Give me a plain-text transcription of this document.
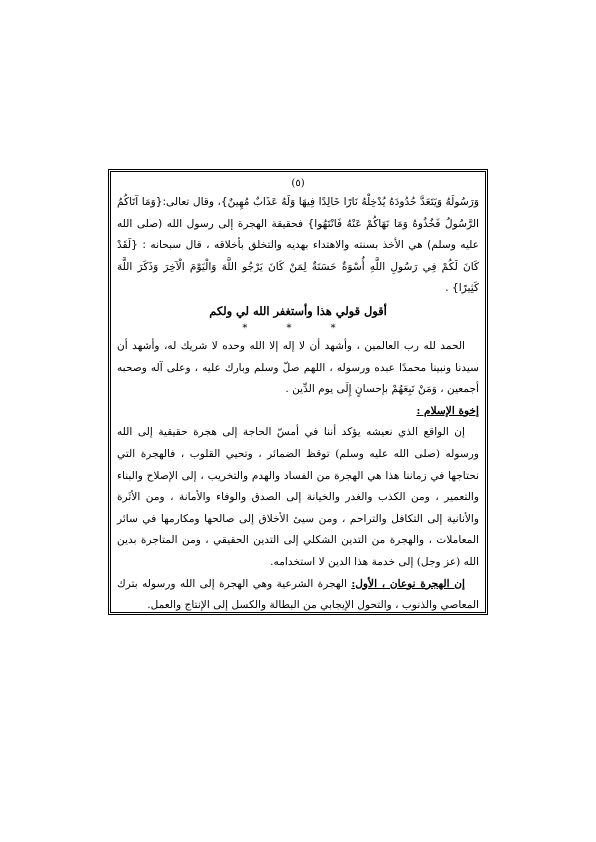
(٥)

وَرَسُولَهُ وَيَتَعَدَّ حُدُودَهُ يُدْخِلْهُ نَارًا خَالِدًا فِيهَا وَلَهُ عَذَابٌ مُهِينٌ}، وقال تعالى:{وَمَا آتَاكُمُ الرَّسُولُ فَخُذُوهُ وَمَا نَهَاكُمْ عَنْهُ فَانْتَهُوا} فحقيقة الهجرة إلى رسول الله (صلى الله عليه وسلم) هي الأخذ بسنته والاهتداء بهديه والتخلق بأخلاقه ، قال سبحانه : {لَقَدْ كَانَ لَكُمْ فِي رَسُولِ اللَّهِ أُسْوَةٌ حَسَنَةٌ لِمَنْ كَانَ يَرْجُو اللَّهَ وَالْيَوْمَ الْآخِرَ وَذَكَرَ اللَّهَ كَثِيرًا} .

أقول قولي هذا وأستغفر الله لي ولكم

* * *

الحمد لله رب العالمين ، وأشهد أن لا إله إلا الله وحده لا شريك له، وأشهد أن سيدنا ونبينا محمدًا عبده ورسوله ، اللهم صلّ وسلم وبارك عليه ، وعلى آله وصحبه أجمعين ، وَمَنْ تَبِعَهُمْ بإحسانٍ إِلَى يوم الدِّين .

إخوة الإسلام :

إن الواقع الذي نعيشه يؤكد أننا في أمسّ الحاجة إلى هجرة حقيقية إلى الله ورسوله (صلى الله عليه وسلم) توقظ الضمائر ، وتحيي القلوب ، فالهجرة التي نحتاجها في زماننا هذا هي الهجرة من الفساد والهدم والتخريب ، إلى الإصلاح والبناء والتعمير ، ومن الكذب والغدر والخيانة إلى الصدق والوفاء والأمانة ، ومن الأثَرة والأنانية إلى التكافل والتراحم ، ومن سيئ الأخلاق إلى صالحها ومكارمها في سائر المعاملات ، والهجرة من التدين الشكلي إلى التدين الحقيقي ، ومن المتاجرة بدين الله (عز وجل) إلى خدمة هذا الدين لا استخدامه.

إن الهجرة نوعان ، الأول: الهجرة الشرعية وهي الهجرة إلى الله ورسوله بترك المعاصي والذنوب ، والتحول الإيجابي من البطالة والكسل إلى الإنتاج والعمل.
